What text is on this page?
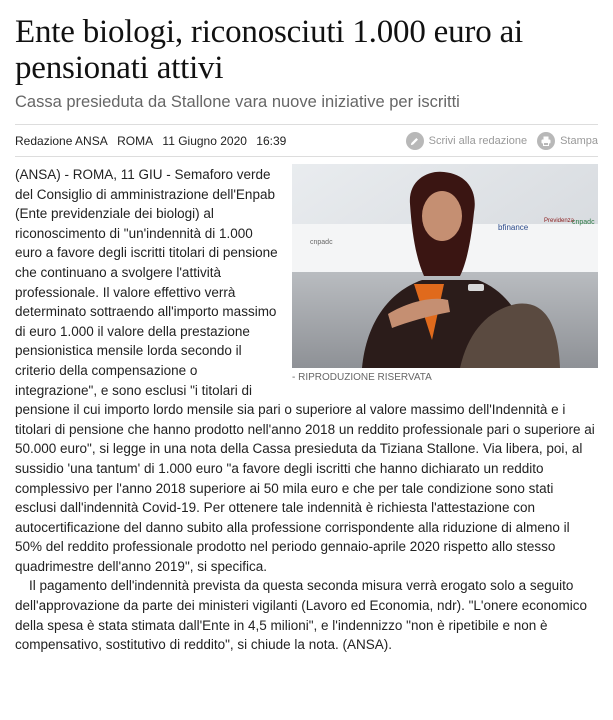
Ente biologi, riconosciuti 1.000 euro ai pensionati attivi
Cassa presieduta da Stallone vara nuove iniziative per iscritti
Redazione ANSA ROMA 11 Giugno 2020 16:39	Scrivi alla redazione	Stampa
cnpadc
bfinance
Previdenza
cnpadc
- RIPRODUZIONE RISERVATA

(ANSA) - ROMA, 11 GIU - Semaforo verde del Consiglio di amministrazione dell'Enpab (Ente previdenziale dei biologi) al riconoscimento di "un'indennità di 1.000 euro a favore degli iscritti titolari di pensione che continuano a svolgere l'attività professionale. Il valore effettivo verrà determinato sottraendo all'importo massimo di euro 1.000 il valore della prestazione pensionistica mensile lorda secondo il criterio della compensazione o integrazione", e sono esclusi "i titolari di pensione il cui importo lordo mensile sia pari o superiore al valore massimo dell'Indennità e i titolari di pensione che hanno prodotto nell'anno 2018 un reddito professionale pari o superiore ai 50.000 euro", si legge in una nota della Cassa presieduta da Tiziana Stallone. Via libera, poi, al sussidio 'una tantum' di 1.000 euro "a favore degli iscritti che hanno dichiarato un reddito complessivo per l'anno 2018 superiore ai 50 mila euro e che per tale condizione sono stati esclusi dall'indennità Covid-19. Per ottenere tale indennità è richiesta l'attestazione con autocertificazione del danno subito alla professione corrispondente alla riduzione di almeno il 50% del reddito professionale prodotto nel periodo gennaio-aprile 2020 rispetto allo stesso quadrimestre dell'anno 2019", si specifica.

Il pagamento dell'indennità prevista da questa seconda misura verrà erogato solo a seguito dell'approvazione da parte dei ministeri vigilanti (Lavoro ed Economia, ndr). "L'onere economico della spesa è stata stimata dall'Ente in 4,5 milioni", e l'indennizzo "non è ripetibile e non è compensativo, sostitutivo di reddito", si chiude la nota. (ANSA).
